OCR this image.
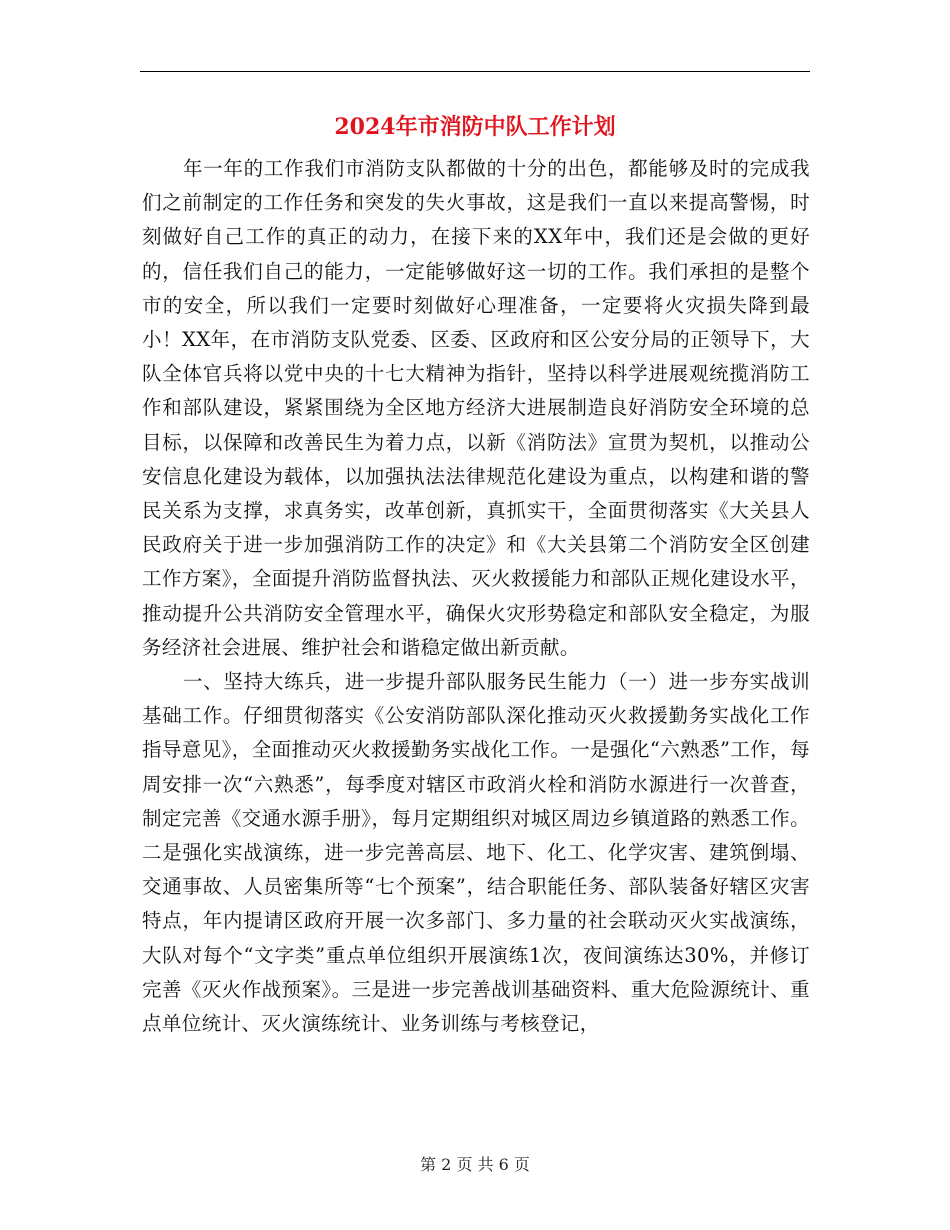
2024年市消防中队工作计划

年一年的工作我们市消防支队都做的十分的出色，都能够及时的完成我们之前制定的工作任务和突发的失火事故，这是我们一直以来提高警惕，时刻做好自己工作的真正的动力，在接下来的XX年中，我们还是会做的更好的，信任我们自己的能力，一定能够做好这一切的工作。我们承担的是整个市的安全，所以我们一定要时刻做好心理准备，一定要将火灾损失降到最小！XX年，在市消防支队党委、区委、区政府和区公安分局的正领导下，大队全体官兵将以党中央的十七大精神为指针，坚持以科学进展观统揽消防工作和部队建设，紧紧围绕为全区地方经济大进展制造良好消防安全环境的总目标，以保障和改善民生为着力点，以新《消防法》宣贯为契机，以推动公安信息化建设为载体，以加强执法法律规范化建设为重点，以构建和谐的警民关系为支撑，求真务实，改革创新，真抓实干，全面贯彻落实《大关县人民政府关于进一步加强消防工作的决定》和《大关县第二个消防安全区创建工作方案》，全面提升消防监督执法、灭火救援能力和部队正规化建设水平，推动提升公共消防安全管理水平，确保火灾形势稳定和部队安全稳定，为服务经济社会进展、维护社会和谐稳定做出新贡献。

一、坚持大练兵，进一步提升部队服务民生能力（一）进一步夯实战训基础工作。仔细贯彻落实《公安消防部队深化推动灭火救援勤务实战化工作指导意见》，全面推动灭火救援勤务实战化工作。一是强化“六熟悉”工作，每周安排一次“六熟悉”，每季度对辖区市政消火栓和消防水源进行一次普查，制定完善《交通水源手册》，每月定期组织对城区周边乡镇道路的熟悉工作。二是强化实战演练，进一步完善高层、地下、化工、化学灾害、建筑倒塌、交通事故、人员密集所等“七个预案”，结合职能任务、部队装备好辖区灾害特点，年内提请区政府开展一次多部门、多力量的社会联动灭火实战演练，大队对每个“文字类”重点单位组织开展演练1次，夜间演练达30%，并修订完善《灭火作战预案》。三是进一步完善战训基础资料、重大危险源统计、重点单位统计、灭火演练统计、业务训练与考核登记，

第 2 页 共 6 页
